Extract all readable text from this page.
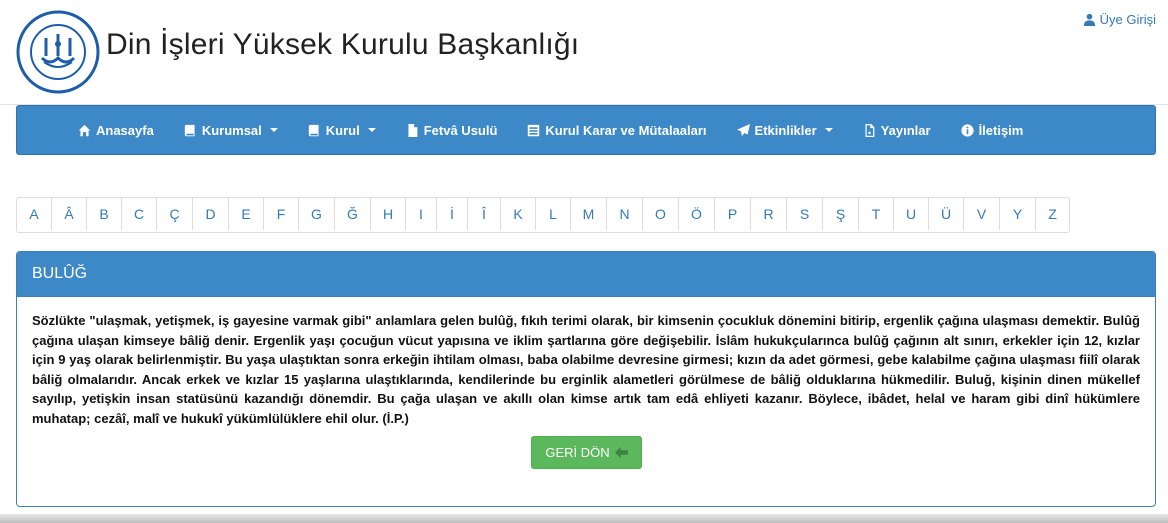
Din İşleri Yüksek Kurulu Başkanlığı
Üye Girişi
Anasayfa	Kurumsal	Kurul	Fetvâ Usulü	Kurul Karar ve Mütalaaları	Etkinlikler	Yayınlar	İletişim
A	Â	B	C	Ç	D	E	F	G	Ğ	H	I	İ	Î	K	L	M	N	O	Ö	P	R	S	Ş	T	U	Ü	V	Y	Z
BULÛĞ
Sözlükte "ulaşmak, yetişmek, iş gayesine varmak gibi" anlamlara gelen bulûğ, fıkıh terimi olarak, bir kimsenin çocukluk dönemini bitirip, ergenlik çağına ulaşması demektir. Bulûğ çağına ulaşan kimseye bâliğ denir. Ergenlik yaşı çocuğun vücut yapısına ve iklim şartlarına göre değişebilir. İslâm hukukçularınca bulûğ çağının alt sınırı, erkekler için 12, kızlar için 9 yaş olarak belirlenmiştir. Bu yaşa ulaştıktan sonra erkeğin ihtilam olması, baba olabilme devresine girmesi; kızın da adet görmesi, gebe kalabilme çağına ulaşması fiilî olarak bâliğ olmalarıdır. Ancak erkek ve kızlar 15 yaşlarına ulaştıklarında, kendilerinde bu erginlik alametleri görülmese de bâliğ olduklarına hükmedilir. Buluğ, kişinin dinen mükellef sayılıp, yetişkin insan statüsünü kazandığı dönemdir. Bu çağa ulaşan ve akıllı olan kimse artık tam edâ ehliyeti kazanır. Böylece, ibâdet, helal ve haram gibi dinî hükümlere muhatap; cezâî, malî ve hukukî yükümlülüklere ehil olur. (İ.P.)
GERİ DÖN
